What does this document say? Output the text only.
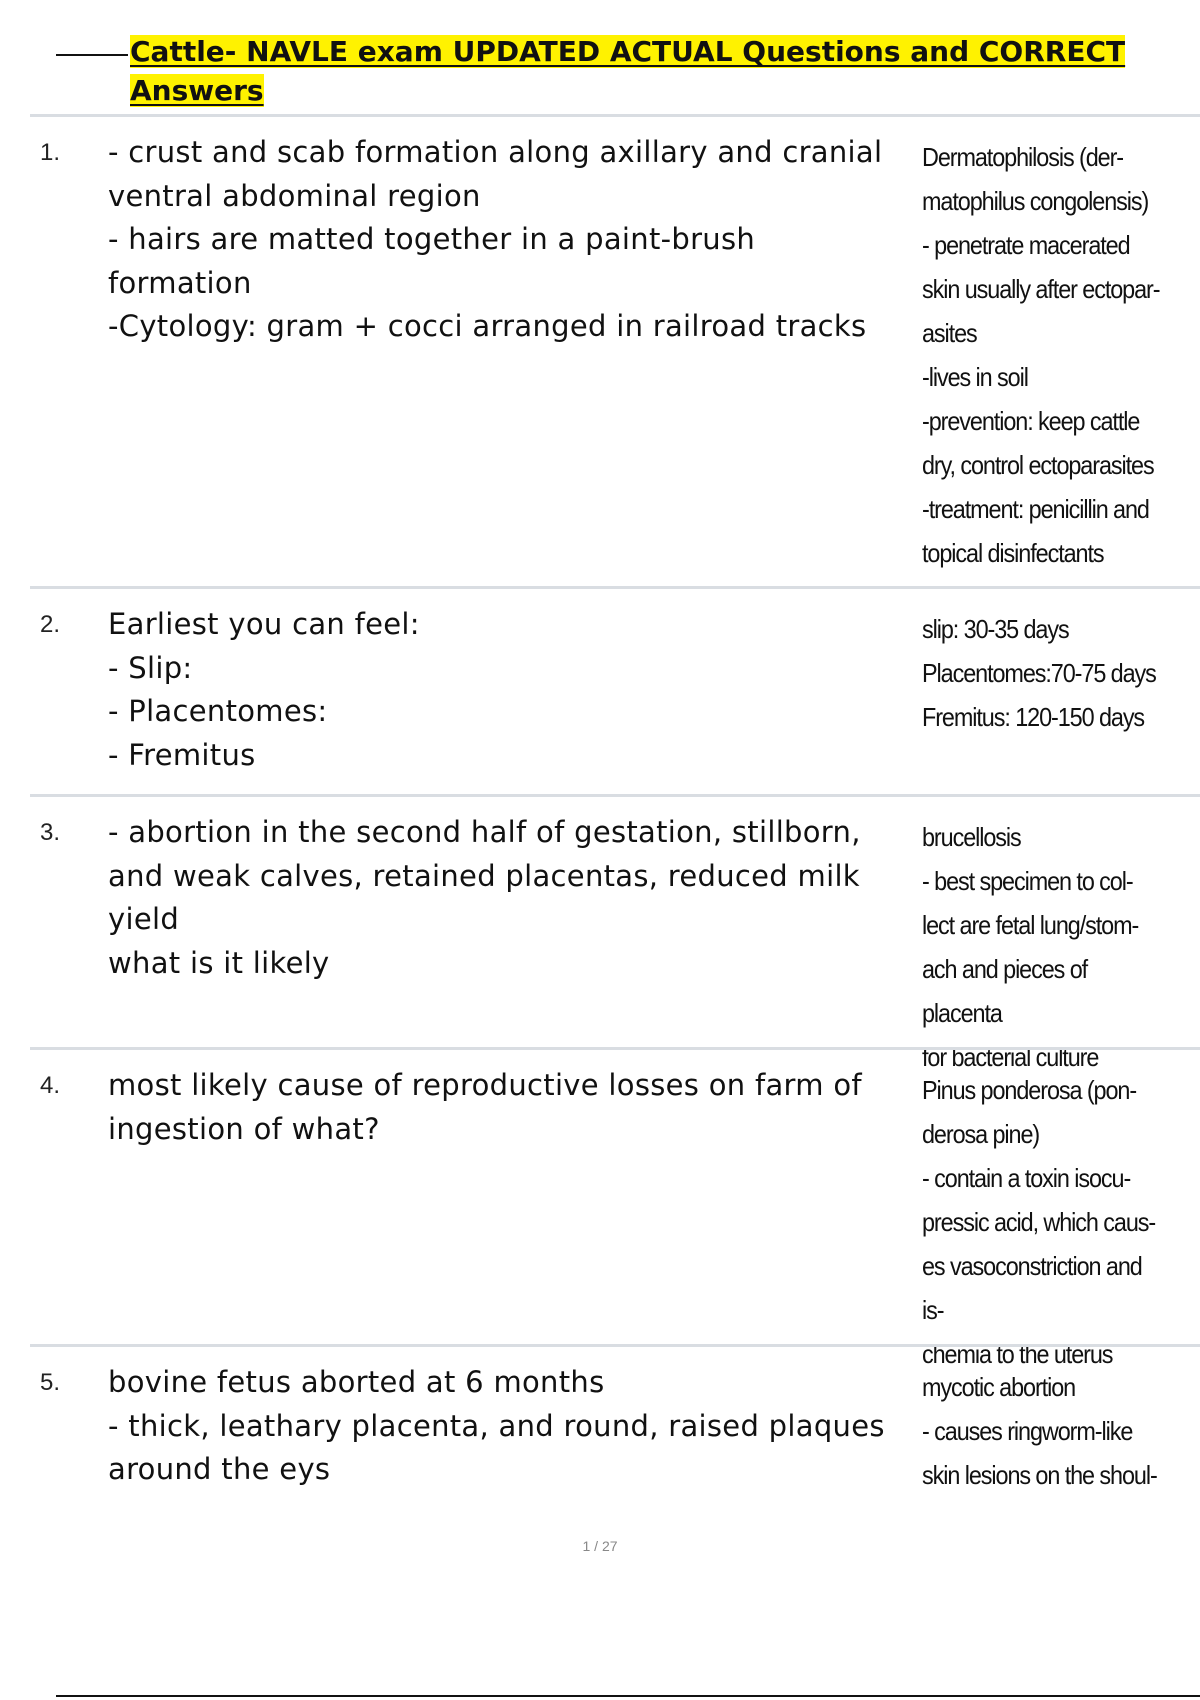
Cattle- NAVLE exam UPDATED ACTUAL Questions and CORRECT Answers
1. - crust and scab formation along axillary and cranial ventral abdominal region
- hairs are matted together in a paint-brush formation
-Cytology: gram + cocci arranged in railroad tracks
Dermatophilosis (der-
matophilus congolensis)
- penetrate macerated
skin usually after ectopar-
asites
-lives in soil
-prevention: keep cattle
dry, control ectoparasites
-treatment: penicillin and
topical disinfectants
2. Earliest you can feel:
- Slip:
- Placentomes:
- Fremitus
slip: 30-35 days
Placentomes:70-75 days
Fremitus: 120-150 days
3. - abortion in the second half of gestation, stillborn, and weak calves, retained placentas, reduced milk yield
what is it likely
brucellosis
- best specimen to col-
lect are fetal lung/stom-
ach and pieces of placenta
for bacterial culture
4. most likely cause of reproductive losses on farm of ingestion of what?
Pinus ponderosa (pon-
derosa pine)
- contain a toxin isocu-
pressic acid, which caus-
es vasoconstriction and is-
chemia to the uterus
5. bovine fetus aborted at 6 months
- thick, leathary placenta, and round, raised plaques around the eys
mycotic abortion
- causes ringworm-like
skin lesions on the shoul-
1 / 27
